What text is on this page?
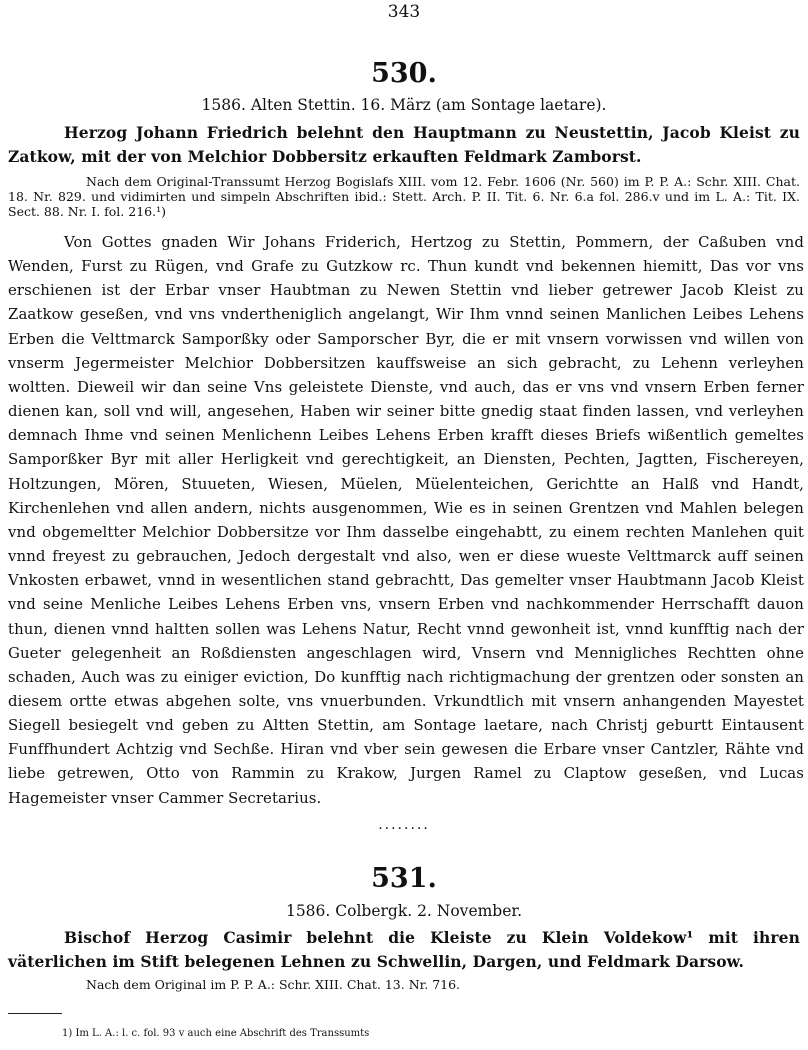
343
530.
1586. Alten Stettin. 16. März (am Sontage laetare).
Herzog Johann Friedrich belehnt den Hauptmann zu Neustettin, Jacob Kleist zu Zatkow, mit der von Melchior Dobbersitz erkauften Feldmark Zamborst.
Nach dem Original-Transsumt Herzog Bogislafs XIII. vom 12. Febr. 1606 (Nr. 560) im P. P. A.: Schr. XIII. Chat. 18. Nr. 829. und vidimirten und simpeln Abschriften ibid.: Stett. Arch. P. II. Tit. 6. Nr. 6.a fol. 286.v und im L. A.: Tit. IX. Sect. 88. Nr. I. fol. 216.¹)
Von Gottes gnaden Wir Johans Friderich, Hertzog zu Stettin, Pommern, der Caßuben vnd Wenden, Furst zu Rügen, vnd Grafe zu Gutzkow rc. Thun kundt vnd bekennen hiemitt, Das vor vns erschienen ist der Erbar vnser Haubtman zu Newen Stettin vnd lieber getrewer Jacob Kleist zu Zaatkow geseßen, vnd vns vndertheniglich angelangt, Wir Ihm vnnd seinen Manlichen Leibes Lehens Erben die Velttmarck Samporßky oder Samporscher Byr, die er mit vnsern vorwissen vnd willen von vnserm Jegermeister Melchior Dobbersitzen kauffsweise an sich gebracht, zu Lehenn verleyhen woltten. Dieweil wir dan seine Vns geleistete Dienste, vnd auch, das er vns vnd vnsern Erben ferner dienen kan, soll vnd will, angesehen, Haben wir seiner bitte gnedig staat finden lassen, vnd verleyhen demnach Ihme vnd seinen Menlichenn Leibes Lehens Erben krafft dieses Briefs wißentlich gemeltes Samporßker Byr mit aller Herligkeit vnd gerechtigkeit, an Diensten, Pechten, Jagtten, Fischereyen, Holtzungen, Mören, Stuueten, Wiesen, Müelen, Müelenteichen, Gerichtte an Halß vnd Handt, Kirchenlehen vnd allen andern, nichts ausgenommen, Wie es in seinen Grentzen vnd Mahlen belegen vnd obgemeltter Melchior Dobbersitze vor Ihm dasselbe eingehabtt, zu einem rechten Manlehen quit vnnd freyest zu gebrauchen, Jedoch dergestalt vnd also, wen er diese wueste Velttmarck auff seinen Vnkosten erbawet, vnnd in wesentlichen stand gebrachtt, Das gemelter vnser Haubtmann Jacob Kleist vnd seine Menliche Leibes Lehens Erben vns, vnsern Erben vnd nachkommender Herrschafft dauon thun, dienen vnnd haltten sollen was Lehens Natur, Recht vnnd gewonheit ist, vnnd kunfftig nach der Gueter gelegenheit an Roßdiensten angeschlagen wird, Vnsern vnd Mennigliches Rechtten ohne schaden, Auch was zu einiger eviction, Do kunfftig nach richtigmachung der grentzen oder sonsten an diesem ortte etwas abgehen solte, vns vnuerbunden. Vrkundtlich mit vnsern anhangenden Mayestet Siegell besiegelt vnd geben zu Altten Stettin, am Sontage laetare, nach Christj geburtt Eintausent Funffhundert Achtzig vnd Sechße. Hiran vnd vber sein gewesen die Erbare vnser Cantzler, Rähte vnd liebe getrewen, Otto von Rammin zu Krakow, Jurgen Ramel zu Claptow geseßen, vnd Lucas Hagemeister vnser Cammer Secretarius.
........
531.
1586. Colbergk. 2. November.
Bischof Herzog Casimir belehnt die Kleiste zu Klein Voldekow¹ mit ihren väterlichen im Stift belegenen Lehnen zu Schwellin, Dargen, und Feldmark Darsow.
Nach dem Original im P. P. A.: Schr. XIII. Chat. 13. Nr. 716.
1) Im L. A.: l. c. fol. 93 v auch eine Abschrift des Transsumts
